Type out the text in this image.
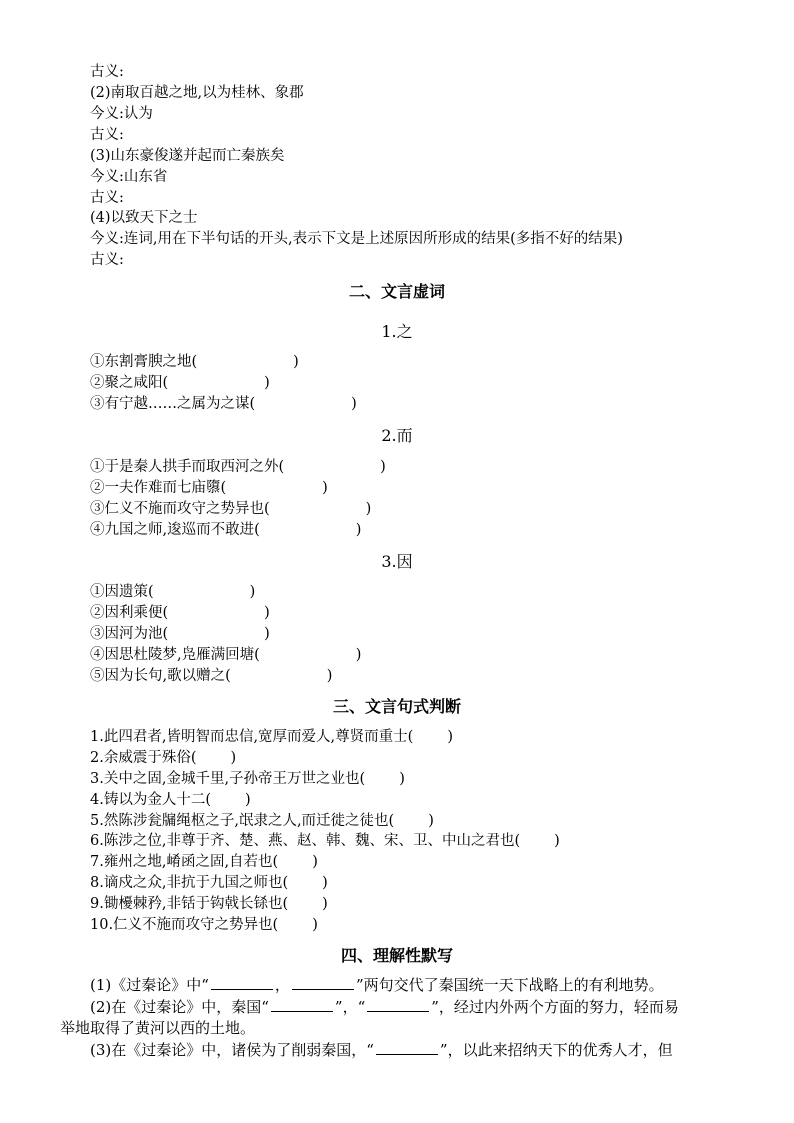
古义:
(2)南取百越之地,以为桂林、象郡
今义:认为
古义:
(3)山东豪俊遂并起而亡秦族矣
今义:山东省
古义:
(4)以致天下之士
今义:连词,用在下半句话的开头,表示下文是上述原因所形成的结果(多指不好的结果)
古义:
二、文言虚词
1.之
①东割膏腴之地(	)
②聚之咸阳(	)
③有宁越……之属为之谋(	)
2.而
①于是秦人拱手而取西河之外(	)
②一夫作难而七庙隳(	)
③仁义不施而攻守之势异也(	)
④九国之师,逡巡而不敢进(	)
3.因
①因遗策(	)
②因利乘便(	)
③因河为池(	)
④因思杜陵梦,凫雁满回塘(	)
⑤因为长句,歌以赠之(	)
三、文言句式判断
1.此四君者,皆明智而忠信,宽厚而爱人,尊贤而重士( )
2.余威震于殊俗( )
3.关中之固,金城千里,子孙帝王万世之业也( )
4.铸以为金人十二( )
5.然陈涉瓮牖绳枢之子,氓隶之人,而迁徙之徒也( )
6.陈涉之位,非尊于齐、楚、燕、赵、韩、魏、宋、卫、中山之君也( )
7.雍州之地,崤函之固,自若也( )
8.谪戍之众,非抗于九国之师也( )
9.锄櫌棘矜,非铦于钩戟长铩也( )
10.仁义不施而攻守之势异也( )
四、理解性默写
(1)《过秦论》中“	，	”两句交代了秦国统一天下战略上的有利地势。
(2)在《过秦论》中，秦国“	”，“	”，经过内外两个方面的努力，轻而易
举地取得了黄河以西的土地。
(3)在《过秦论》中，诸侯为了削弱秦国，“	”，以此来招纳天下的优秀人才，但
